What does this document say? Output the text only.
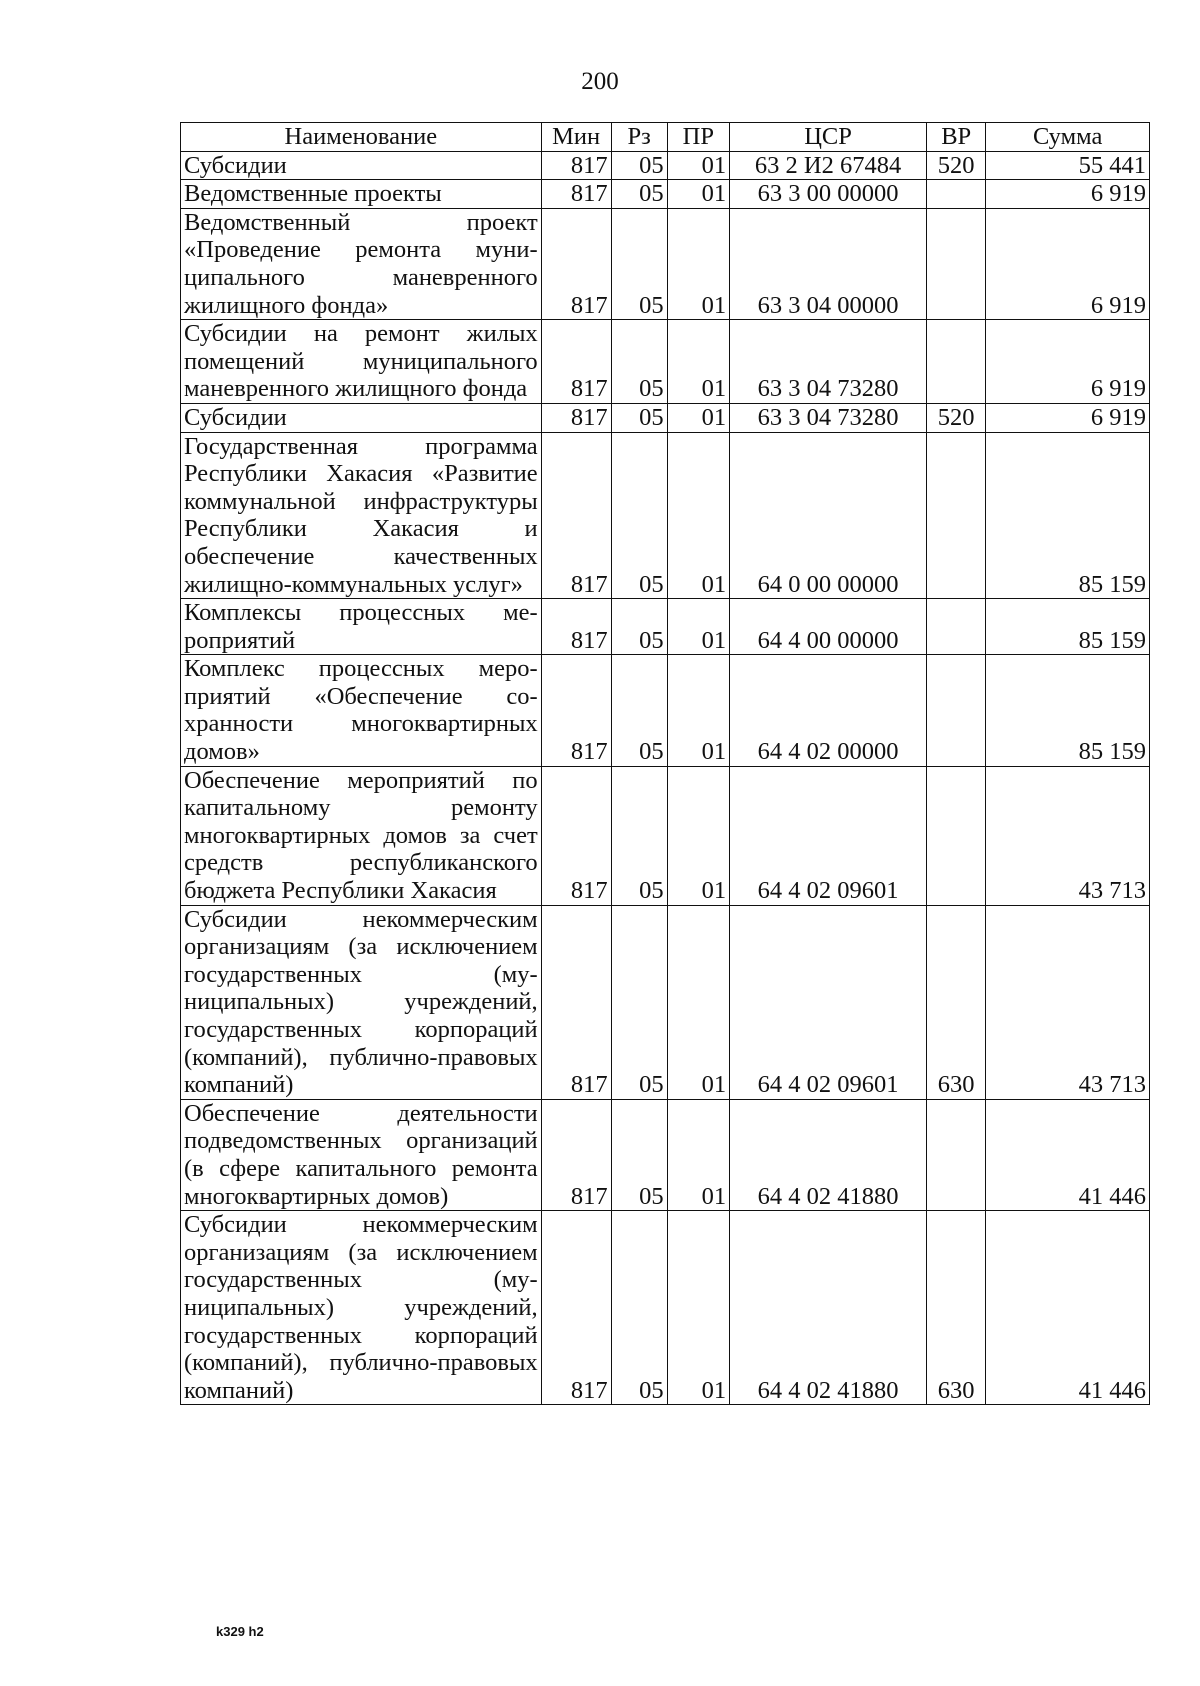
200
Наименование	Мин	Рз	ПР	ЦСР	ВР	Сумма
Субсидии	817	05	01	63 2 И2 67484	520	55 441
Ведомственные проекты	817	05	01	63 3 00 00000		6 919
Ведомственный проект «Проведение ремонта муниципального маневренного жилищного фонда»	817	05	01	63 3 04 00000		6 919
Субсидии на ремонт жилых помещений муниципального маневренного жилищного фонда	817	05	01	63 3 04 73280		6 919
Субсидии	817	05	01	63 3 04 73280	520	6 919
Государственная программа Республики Хакасия «Развитие коммунальной инфраструктуры Республики Хакасия и обеспечение качественных жилищно-коммунальных услуг»	817	05	01	64 0 00 00000		85 159
Комплексы процессных мероприятий	817	05	01	64 4 00 00000		85 159
Комплекс процессных мероприятий «Обеспечение сохранности многоквартирных домов»	817	05	01	64 4 02 00000		85 159
Обеспечение мероприятий по капитальному ремонту многоквартирных домов за счет средств республиканского бюджета Республики Хакасия	817	05	01	64 4 02 09601		43 713
Субсидии некоммерческим организациям (за исключением государственных (муниципальных) учреждений, государственных корпораций (компаний), публично-правовых компаний)	817	05	01	64 4 02 09601	630	43 713
Обеспечение деятельности подведомственных организаций (в сфере капитального ремонта многоквартирных домов)	817	05	01	64 4 02 41880		41 446
Субсидии некоммерческим организациям (за исключением государственных (муниципальных) учреждений, государственных корпораций (компаний), публично-правовых компаний)	817	05	01	64 4 02 41880	630	41 446
k329 h2
